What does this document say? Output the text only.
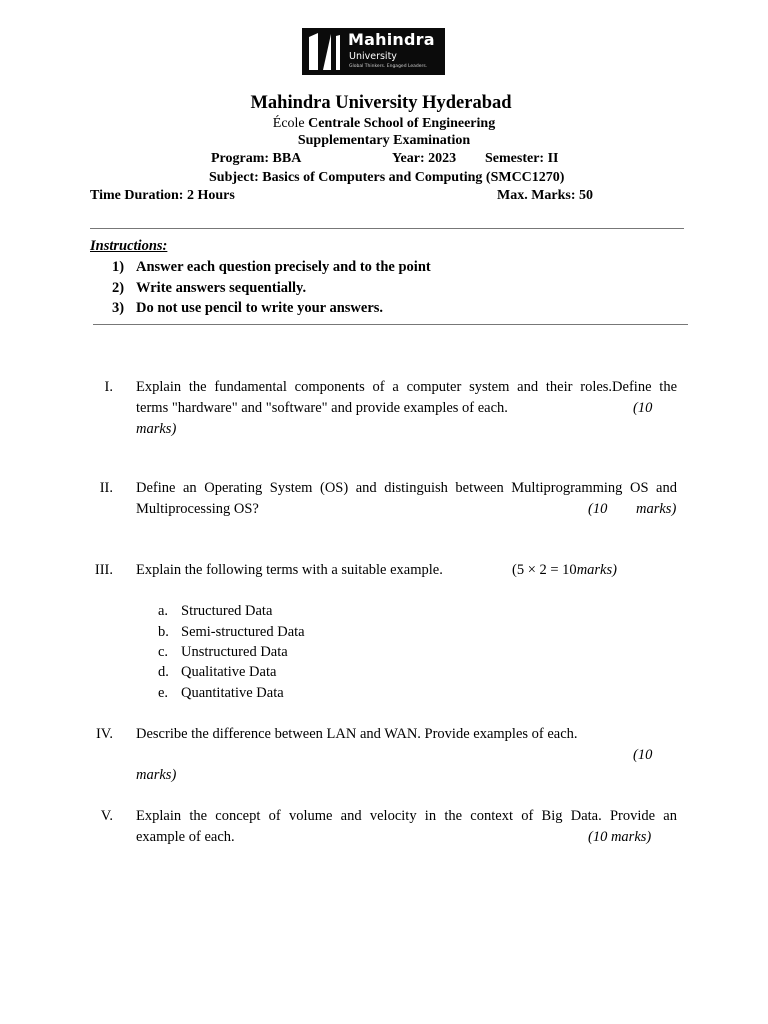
Mahindra
University
Global Thinkers. Engaged Leaders.
Mahindra University Hyderabad
École Centrale School of Engineering
Supplementary Examination
Program: BBA	Year: 2023 Semester: II
Subject: Basics of Computers and Computing (SMCC1270)
Time Duration: 2 Hours	Max. Marks: 50
Instructions:
1) Answer each question precisely and to the point
2) Write answers sequentially.
3) Do not use pencil to write your answers.
I. Explain the fundamental components of a computer system and their roles.Define the
terms "hardware" and "software" and provide examples of each.	(10
marks)
II. Define an Operating System (OS) and distinguish between Multiprogramming OS and
Multiprocessing OS?	(10 marks)
III. Explain the following terms with a suitable example.	(5 × 2 = 10marks)
a. Structured Data
b. Semi-structured Data
c. Unstructured Data
d. Qualitative Data
e. Quantitative Data
IV. Describe the difference between LAN and WAN. Provide examples of each.
(10
marks)
V. Explain the concept of volume and velocity in the context of Big Data. Provide an
example of each.	(10 marks)
